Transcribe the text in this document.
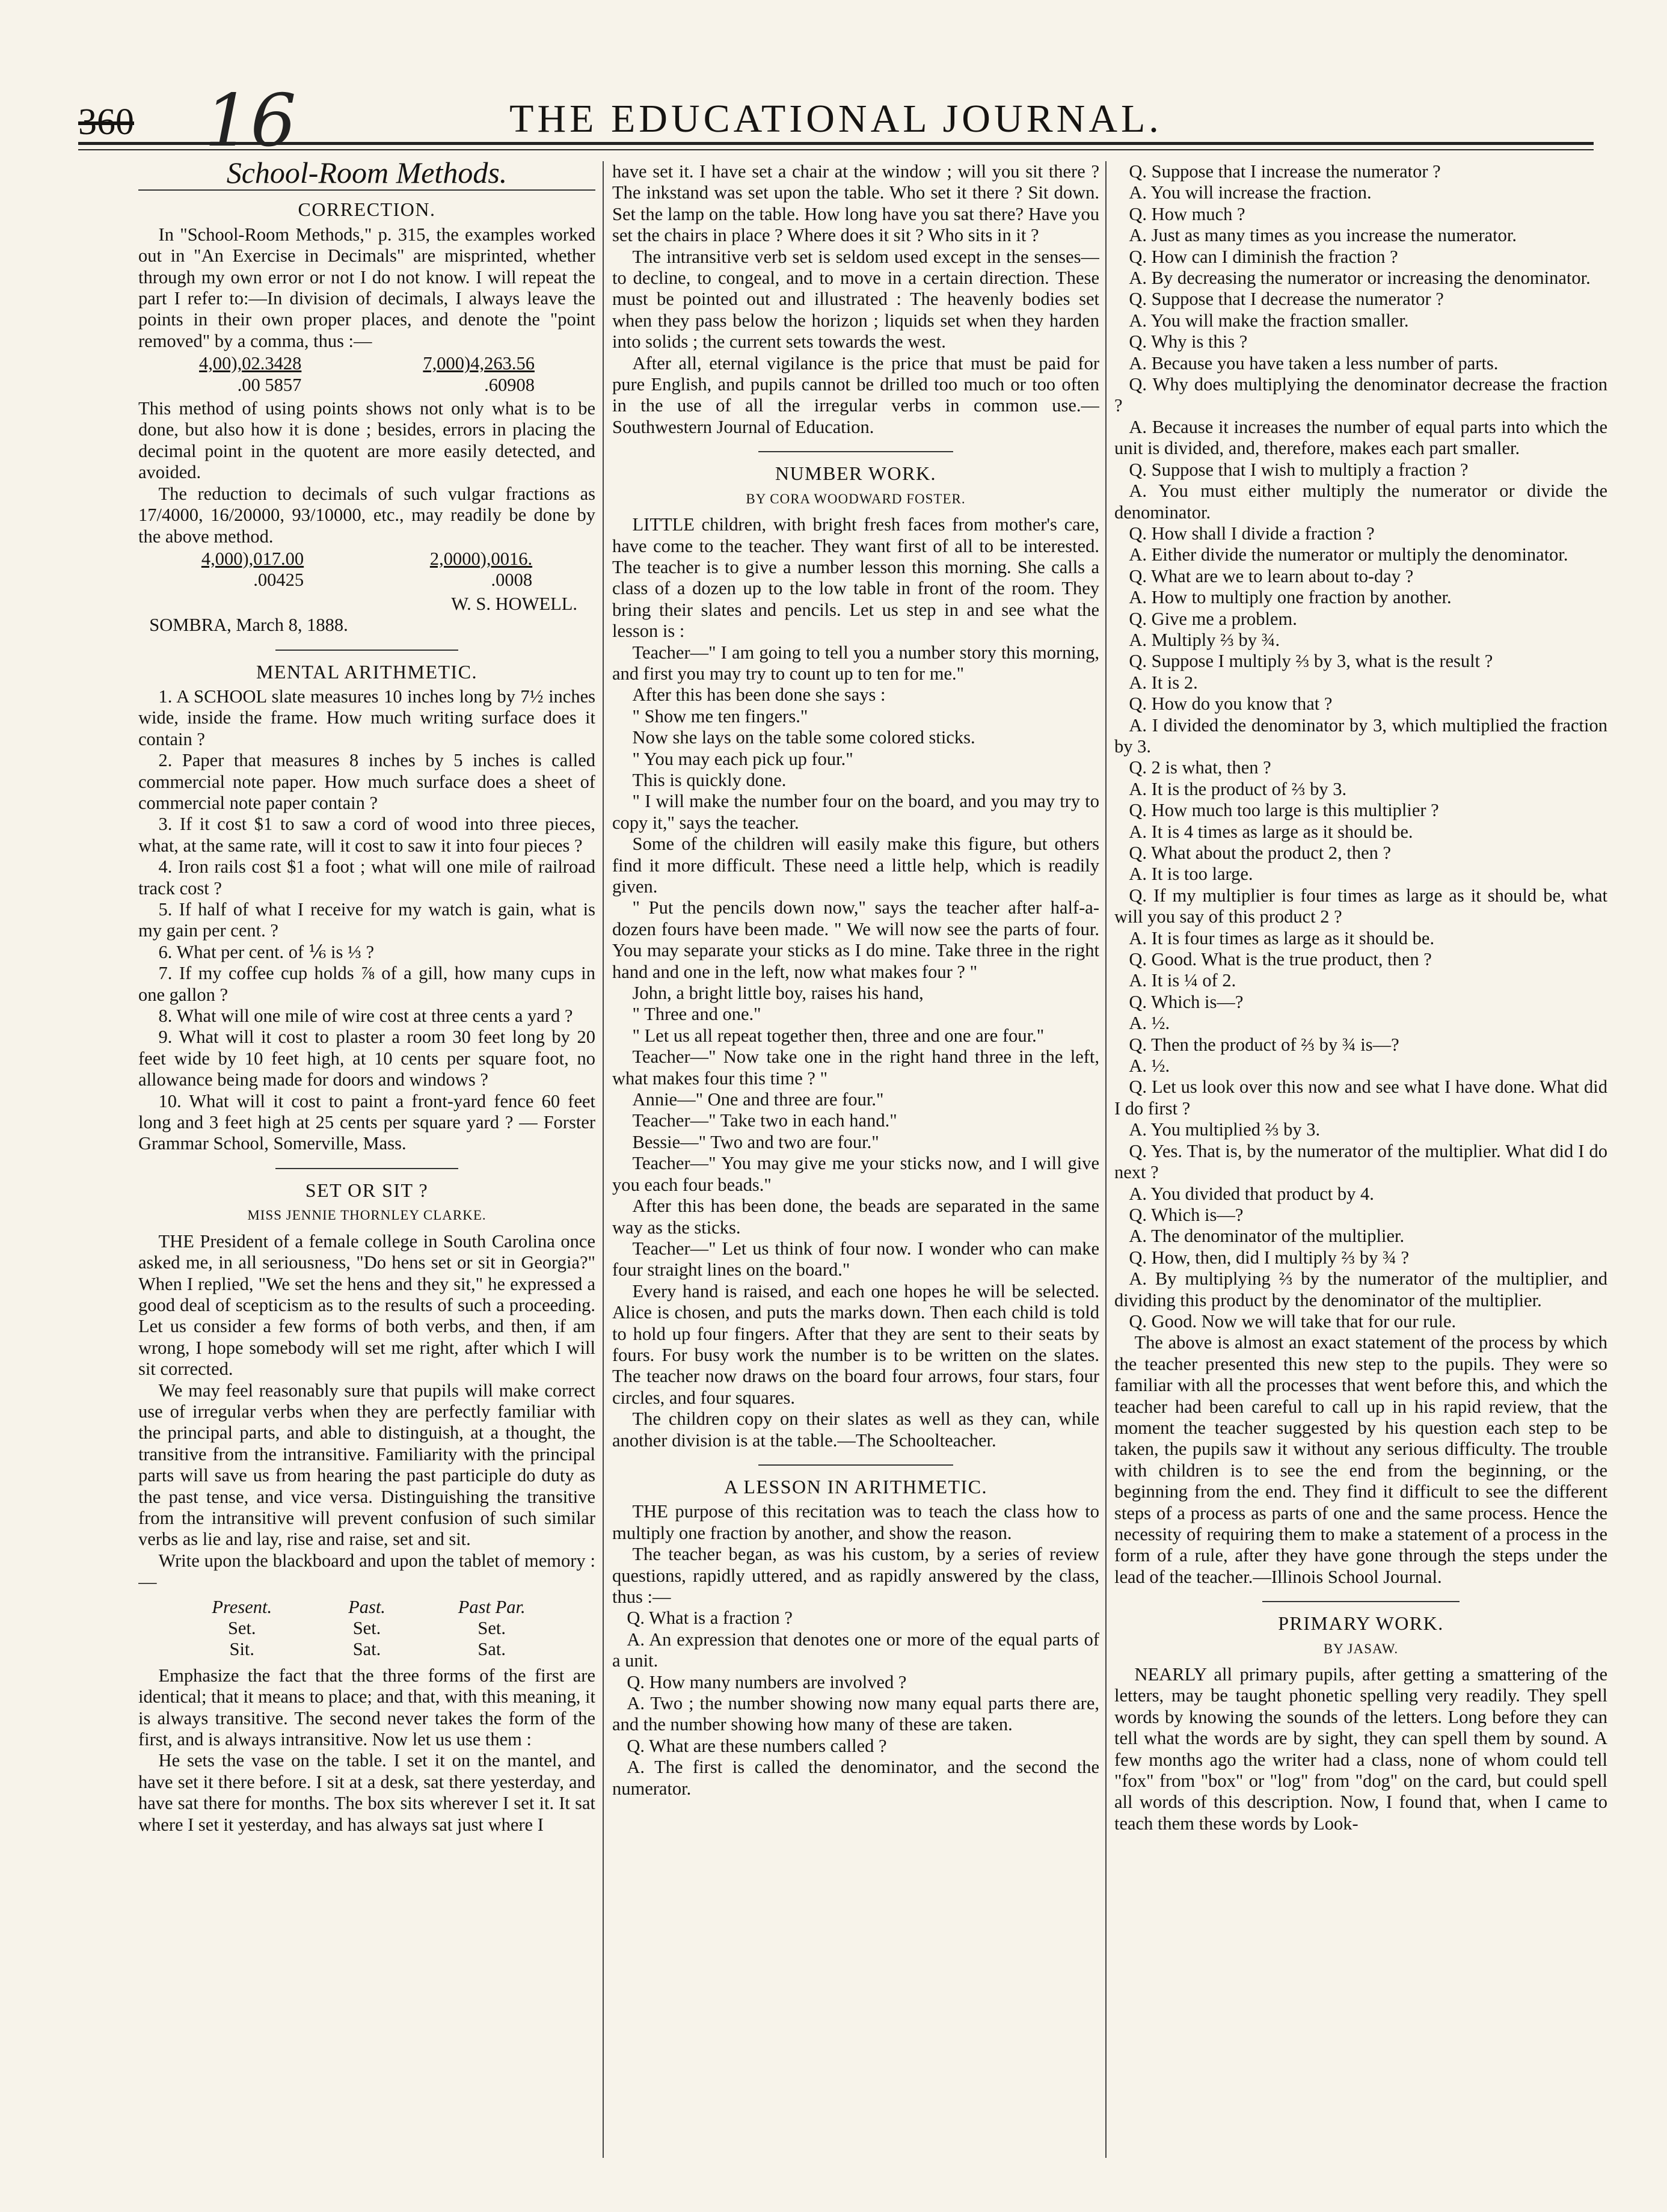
360 16	THE EDUCATIONAL JOURNAL.
School-Room Methods.
CORRECTION.

In "School-Room Methods," p. 315, the examples worked out in "An Exercise in Decimals" are misprinted, whether through my own error or not I do not know. I will repeat the part I refer to:—In division of decimals, I always leave the points in their own proper places, and denote the "point removed" by a comma, thus :—

4,00),02.3428
.00 5857
7,000)4,263.56
.60908

This method of using points shows not only what is to be done, but also how it is done ; besides, errors in placing the decimal point in the quotent are more easily detected, and avoided.

The reduction to decimals of such vulgar fractions as 17/4000, 16/20000, 93/10000, etc., may readily be done by the above method.

4,000),017.00
.00425
2,0000),0016.
.0008

W. S. HOWELL.

SOMBRA, March 8, 1888.

MENTAL ARITHMETIC.

1. A SCHOOL slate measures 10 inches long by 7½ inches wide, inside the frame. How much writing surface does it contain ?

2. Paper that measures 8 inches by 5 inches is called commercial note paper. How much surface does a sheet of commercial note paper contain ?

3. If it cost $1 to saw a cord of wood into three pieces, what, at the same rate, will it cost to saw it into four pieces ?

4. Iron rails cost $1 a foot ; what will one mile of railroad track cost ?

5. If half of what I receive for my watch is gain, what is my gain per cent. ?

6. What per cent. of ⅙ is ⅓ ?

7. If my coffee cup holds ⅞ of a gill, how many cups in one gallon ?

8. What will one mile of wire cost at three cents a yard ?

9. What will it cost to plaster a room 30 feet long by 20 feet wide by 10 feet high, at 10 cents per square foot, no allowance being made for doors and windows ?

10. What will it cost to paint a front-yard fence 60 feet long and 3 feet high at 25 cents per square yard ? — Forster Grammar School, Somerville, Mass.

SET OR SIT ?
MISS JENNIE THORNLEY CLARKE.

THE President of a female college in South Carolina once asked me, in all seriousness, "Do hens set or sit in Georgia?" When I replied, "We set the hens and they sit," he expressed a good deal of scepticism as to the results of such a proceeding. Let us consider a few forms of both verbs, and then, if am wrong, I hope somebody will set me right, after which I will sit corrected.

We may feel reasonably sure that pupils will make correct use of irregular verbs when they are perfectly familiar with the principal parts, and able to distinguish, at a thought, the transitive from the intransitive. Familiarity with the principal parts will save us from hearing the past participle do duty as the past tense, and vice versa. Distinguishing the transitive from the intransitive will prevent confusion of such similar verbs as lie and lay, rise and raise, set and sit.

Write upon the blackboard and upon the tablet of memory :—

Present.	Past.	Past Par.
Set.	Set.	Set.
Sit.	Sat.	Sat.

Emphasize the fact that the three forms of the first are identical; that it means to place; and that, with this meaning, it is always transitive. The second never takes the form of the first, and is always intransitive. Now let us use them :

He sets the vase on the table. I set it on the mantel, and have set it there before. I sit at a desk, sat there yesterday, and have sat there for months. The box sits wherever I set it. It sat where I set it yesterday, and has always sat just where I

have set it. I have set a chair at the window ; will you sit there ? The inkstand was set upon the table. Who set it there ? Sit down. Set the lamp on the table. How long have you sat there? Have you set the chairs in place ? Where does it sit ? Who sits in it ?

The intransitive verb set is seldom used except in the senses—to decline, to congeal, and to move in a certain direction. These must be pointed out and illustrated : The heavenly bodies set when they pass below the horizon ; liquids set when they harden into solids ; the current sets towards the west.

After all, eternal vigilance is the price that must be paid for pure English, and pupils cannot be drilled too much or too often in the use of all the irregular verbs in common use.—Southwestern Journal of Education.

NUMBER WORK.
BY CORA WOODWARD FOSTER.

LITTLE children, with bright fresh faces from mother's care, have come to the teacher. They want first of all to be interested. The teacher is to give a number lesson this morning. She calls a class of a dozen up to the low table in front of the room. They bring their slates and pencils. Let us step in and see what the lesson is :

Teacher—" I am going to tell you a number story this morning, and first you may try to count up to ten for me."

After this has been done she says :

" Show me ten fingers."

Now she lays on the table some colored sticks.

" You may each pick up four."

This is quickly done.

" I will make the number four on the board, and you may try to copy it," says the teacher.

Some of the children will easily make this figure, but others find it more difficult. These need a little help, which is readily given.

" Put the pencils down now," says the teacher after half-a-dozen fours have been made. " We will now see the parts of four. You may separate your sticks as I do mine. Take three in the right hand and one in the left, now what makes four ? "

John, a bright little boy, raises his hand,

" Three and one."

" Let us all repeat together then, three and one are four."

Teacher—" Now take one in the right hand three in the left, what makes four this time ? "

Annie—" One and three are four."

Teacher—" Take two in each hand."

Bessie—" Two and two are four."

Teacher—" You may give me your sticks now, and I will give you each four beads."

After this has been done, the beads are separated in the same way as the sticks.

Teacher—" Let us think of four now. I wonder who can make four straight lines on the board."

Every hand is raised, and each one hopes he will be selected. Alice is chosen, and puts the marks down. Then each child is told to hold up four fingers. After that they are sent to their seats by fours. For busy work the number is to be written on the slates. The teacher now draws on the board four arrows, four stars, four circles, and four squares.

The children copy on their slates as well as they can, while another division is at the table.—The Schoolteacher.

A LESSON IN ARITHMETIC.

THE purpose of this recitation was to teach the class how to multiply one fraction by another, and show the reason.

The teacher began, as was his custom, by a series of review questions, rapidly uttered, and as rapidly answered by the class, thus :—

Q. What is a fraction ?

A. An expression that denotes one or more of the equal parts of a unit.

Q. How many numbers are involved ?

A. Two ; the number showing now many equal parts there are, and the number showing how many of these are taken.

Q. What are these numbers called ?

A. The first is called the denominator, and the second the numerator.

Q. Suppose that I increase the numerator ?

A. You will increase the fraction.

Q. How much ?

A. Just as many times as you increase the numerator.

Q. How can I diminish the fraction ?

A. By decreasing the numerator or increasing the denominator.

Q. Suppose that I decrease the numerator ?

A. You will make the fraction smaller.

Q. Why is this ?

A. Because you have taken a less number of parts.

Q. Why does multiplying the denominator decrease the fraction ?

A. Because it increases the number of equal parts into which the unit is divided, and, therefore, makes each part smaller.

Q. Suppose that I wish to multiply a fraction ?

A. You must either multiply the numerator or divide the denominator.

Q. How shall I divide a fraction ?

A. Either divide the numerator or multiply the denominator.

Q. What are we to learn about to-day ?

A. How to multiply one fraction by another.

Q. Give me a problem.

A. Multiply ⅔ by ¾.

Q. Suppose I multiply ⅔ by 3, what is the result ?

A. It is 2.

Q. How do you know that ?

A. I divided the denominator by 3, which multiplied the fraction by 3.

Q. 2 is what, then ?

A. It is the product of ⅔ by 3.

Q. How much too large is this multiplier ?

A. It is 4 times as large as it should be.

Q. What about the product 2, then ?

A. It is too large.

Q. If my multiplier is four times as large as it should be, what will you say of this product 2 ?

A. It is four times as large as it should be.

Q. Good. What is the true product, then ?

A. It is ¼ of 2.

Q. Which is—?

A. ½.

Q. Then the product of ⅔ by ¾ is—?

A. ½.

Q. Let us look over this now and see what I have done. What did I do first ?

A. You multiplied ⅔ by 3.

Q. Yes. That is, by the numerator of the multiplier. What did I do next ?

A. You divided that product by 4.

Q. Which is—?

A. The denominator of the multiplier.

Q. How, then, did I multiply ⅔ by ¾ ?

A. By multiplying ⅔ by the numerator of the multiplier, and dividing this product by the denominator of the multiplier.

Q. Good. Now we will take that for our rule.

The above is almost an exact statement of the process by which the teacher presented this new step to the pupils. They were so familiar with all the processes that went before this, and which the teacher had been careful to call up in his rapid review, that the moment the teacher suggested by his question each step to be taken, the pupils saw it without any serious difficulty. The trouble with children is to see the end from the beginning, or the beginning from the end. They find it difficult to see the different steps of a process as parts of one and the same process. Hence the necessity of requiring them to make a statement of a process in the form of a rule, after they have gone through the steps under the lead of the teacher.—Illinois School Journal.

PRIMARY WORK.
BY JASAW.

NEARLY all primary pupils, after getting a smattering of the letters, may be taught phonetic spelling very readily. They spell words by knowing the sounds of the letters. Long before they can tell what the words are by sight, they can spell them by sound. A few months ago the writer had a class, none of whom could tell "fox" from "box" or "log" from "dog" on the card, but could spell all words of this description. Now, I found that, when I came to teach them these words by Look-
